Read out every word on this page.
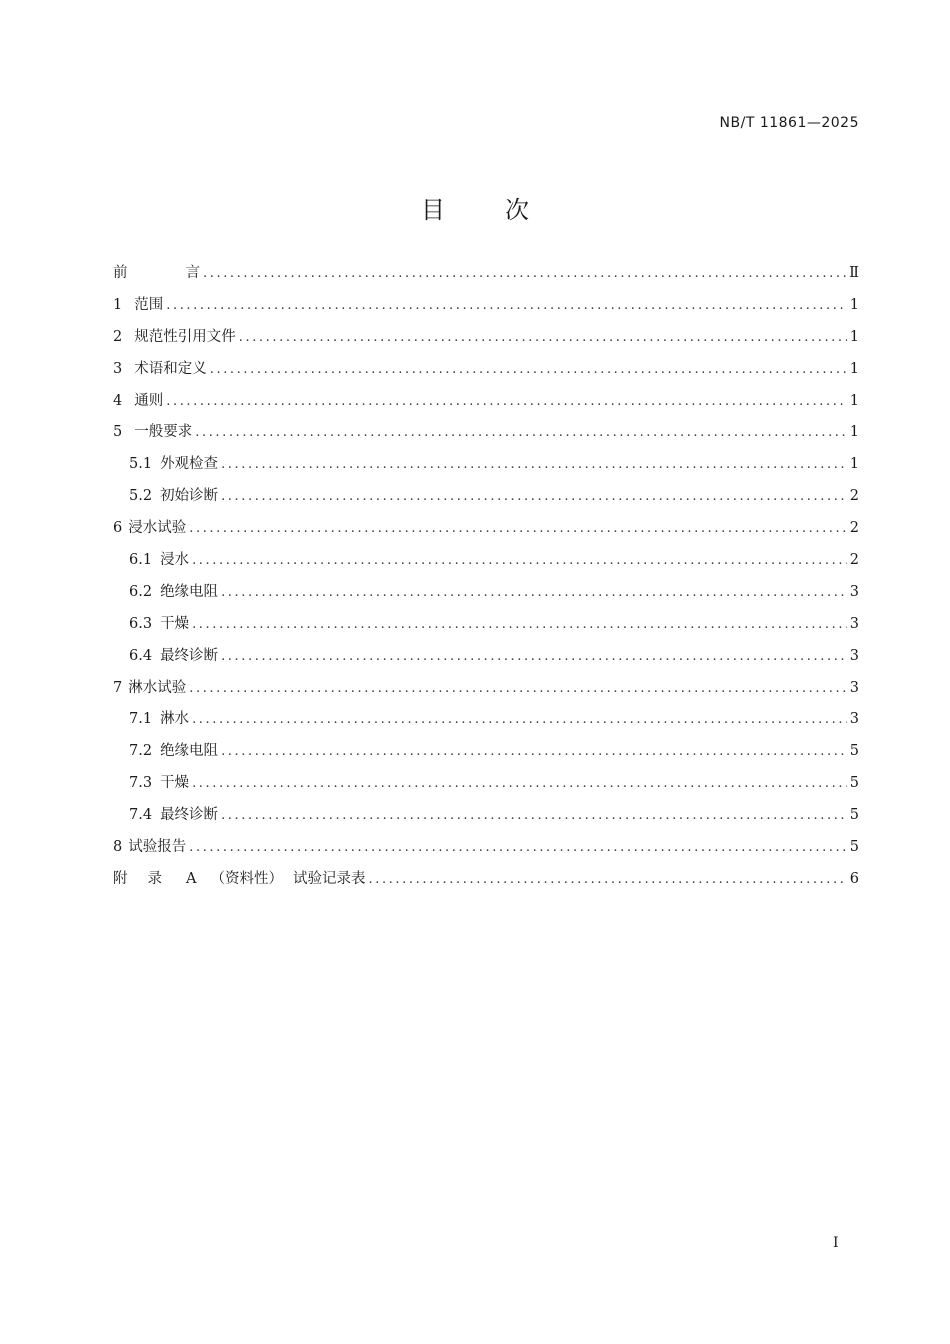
NB/T 11861—2025
目	次
前	言 .....	Ⅱ
1 范围 .....	1
2 规范性引用文件 .....	1
3 术语和定义 .....	1
4 通则 .....	1
5 一般要求 .....	1
5.1 外观检查 .....	1
5.2 初始诊断 .....	2
6 浸水试验 .....	2
6.1 浸水 .....	2
6.2 绝缘电阻 .....	3
6.3 干燥 .....	3
6.4 最终诊断 .....	3
7 淋水试验 .....	3
7.1 淋水 .....	3
7.2 绝缘电阻 .....	5
7.3 干燥 .....	5
7.4 最终诊断 .....	5
8 试验报告 .....	5
附 录 A （资料性） 试验记录表 .....	6
I
